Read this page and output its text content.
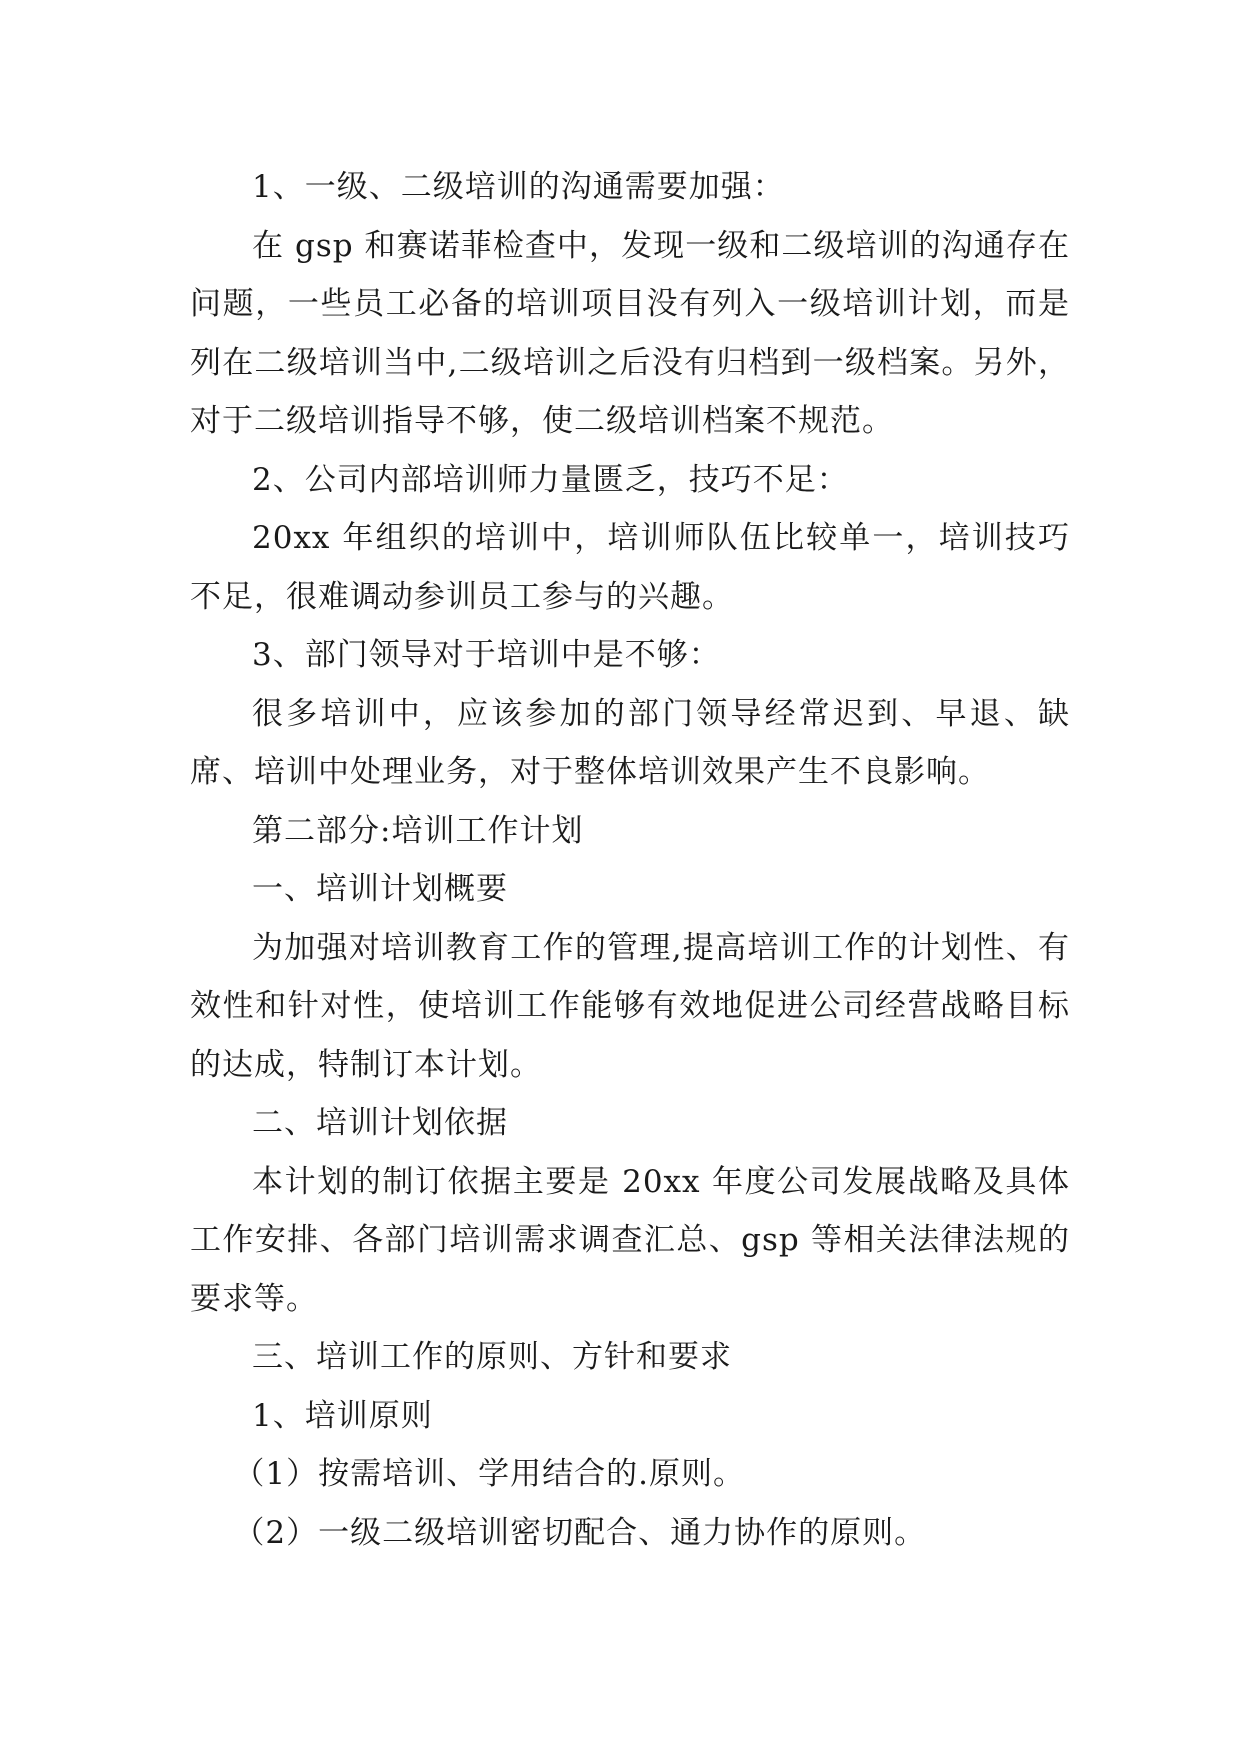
1、一级、二级培训的沟通需要加强：

在 gsp 和赛诺菲检查中，发现一级和二级培训的沟通存在问题，一些员工必备的培训项目没有列入一级培训计划，而是列在二级培训当中,二级培训之后没有归档到一级档案。另外，对于二级培训指导不够，使二级培训档案不规范。

2、公司内部培训师力量匮乏，技巧不足：

20xx 年组织的培训中，培训师队伍比较单一，培训技巧不足，很难调动参训员工参与的兴趣。

3、部门领导对于培训中是不够：

很多培训中，应该参加的部门领导经常迟到、早退、缺席、培训中处理业务，对于整体培训效果产生不良影响。

第二部分:培训工作计划

一、培训计划概要

为加强对培训教育工作的管理,提高培训工作的计划性、有效性和针对性，使培训工作能够有效地促进公司经营战略目标的达成，特制订本计划。

二、培训计划依据

本计划的制订依据主要是 20xx 年度公司发展战略及具体工作安排、各部门培训需求调查汇总、gsp 等相关法律法规的要求等。

三、培训工作的原则、方针和要求

1、培训原则

（1）按需培训、学用结合的.原则。

（2）一级二级培训密切配合、通力协作的原则。
